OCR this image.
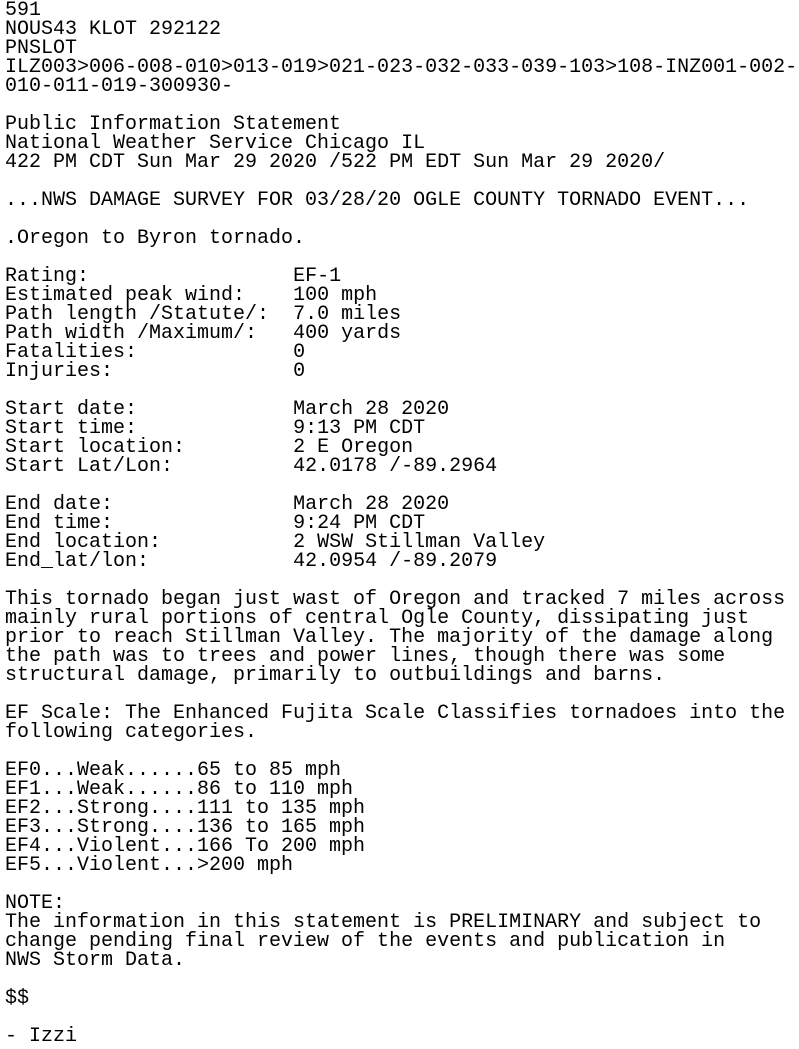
591
NOUS43 KLOT 292122
PNSLOT
ILZ003>006-008-010>013-019>021-023-032-033-039-103>108-INZ001-002-
010-011-019-300930-
Public Information Statement
National Weather Service Chicago IL
422 PM CDT Sun Mar 29 2020 /522 PM EDT Sun Mar 29 2020/
...NWS DAMAGE SURVEY FOR 03/28/20 OGLE COUNTY TORNADO EVENT...
.Oregon to Byron tornado.
Rating:	EF-1
Estimated peak wind: 100 mph
Path length /Statute/: 7.0 miles
Path width /Maximum/: 400 yards
Fatalities:	0
Injuries:	0
Start date:	March 28 2020
Start time:	9:13 PM CDT
Start location:	2 E Oregon
Start Lat/Lon:	42.0178 /-89.2964
End date:	March 28 2020
End time:	9:24 PM CDT
End location:	2 WSW Stillman Valley
End_lat/lon:	42.0954 /-89.2079
This tornado began just wast of Oregon and tracked 7 miles across
mainly rural portions of central Ogle County, dissipating just
prior to reach Stillman Valley. The majority of the damage along
the path was to trees and power lines, though there was some
structural damage, primarily to outbuildings and barns.
EF Scale: The Enhanced Fujita Scale Classifies tornadoes into the
following categories.
EF0...Weak......65 to 85 mph
EF1...Weak......86 to 110 mph
EF2...Strong....111 to 135 mph
EF3...Strong....136 to 165 mph
EF4...Violent...166 To 200 mph
EF5...Violent...>200 mph
NOTE:
The information in this statement is PRELIMINARY and subject to
change pending final review of the events and publication in
NWS Storm Data.
$$
- Izzi
